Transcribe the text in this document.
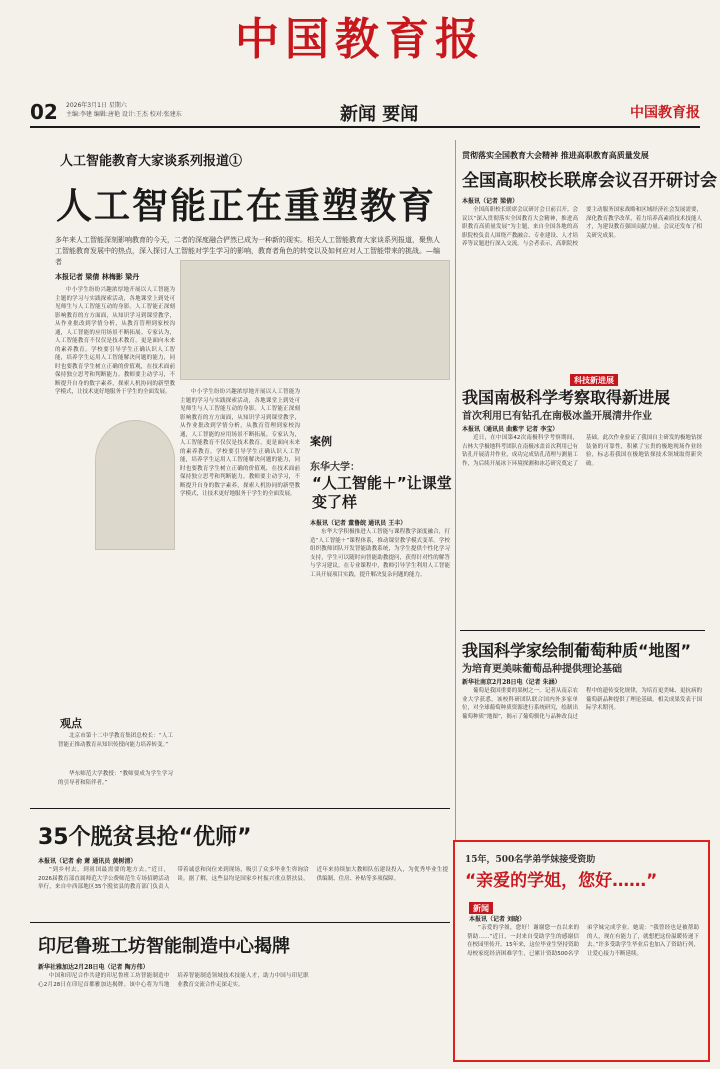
中国教育报
02 2026年3月1日 星期六
主编:李建 编辑:唐艳 设计:王杰 校对:张建东	新闻 要闻	中国教育报
人工智能教育大家谈系列报道①
人工智能正在重塑教育
多年来人工智能深刻影响教育的今天，二者的深度融合俨然已成为一种新的现实。相关人工智能教育大家谈系列报道，聚焦人工智能教育发展中的热点，深入探讨人工智能对学生学习的影响，教育者角色的转变以及如何应对人工智能带来的挑战。—编者
本报记者 梁倩 林梅影 梁丹

中小学生纷纷兴趣浓厚地开展以人工智能为主题的学习与实践探索活动，各地课堂上到处可见师生与人工智能互动的身影。人工智能正深刻影响教育的方方面面，从知识学习到课堂教学，从作业批改到学情分析，从教育管理到家校沟通，人工智能的应用场景不断拓展。专家认为，人工智能教育不仅仅是技术教育，更是面向未来的素养教育。学校要引导学生正确认识人工智能，培养学生运用人工智能解决问题的能力，同时也要教育学生树立正确的价值观，在技术面前保持独立思考和判断能力。教师要主动学习，不断提升自身的数字素养，探索人机协同的新型教学模式，让技术更好地服务于学生的全面发展。

案例
东华大学：
“人工智能＋”让课堂变了样
本报讯（记者 董鲁皖 通讯员 王丰）

东华大学积极推进人工智能与课程教学深度融合，打造“人工智能＋”课程体系，推动课堂教学模式变革。学校组织教师团队开发智能助教系统，为学生提供个性化学习支持，学生可以随时向智能助教提问，获得针对性的解答与学习建议。在专业课程中，教师引导学生利用人工智能工具开展项目实践，提升解决复杂问题的能力。

中小学生纷纷兴趣浓厚地开展以人工智能为主题的学习与实践探索活动，各地课堂上到处可见师生与人工智能互动的身影。人工智能正深刻影响教育的方方面面，从知识学习到课堂教学，从作业批改到学情分析，从教育管理到家校沟通，人工智能的应用场景不断拓展。专家认为，人工智能教育不仅仅是技术教育，更是面向未来的素养教育。学校要引导学生正确认识人工智能，培养学生运用人工智能解决问题的能力，同时也要教育学生树立正确的价值观，在技术面前保持独立思考和判断能力。教师要主动学习，不断提升自身的数字素养，探索人机协同的新型教学模式，让技术更好地服务于学生的全面发展。

观点

北京市第十二中学教育集团总校长：“人工智能正推动教育从知识传授向能力培养转变。”

华东师范大学教授：“教师要成为学生学习的引导者和陪伴者。”

35个脱贫县抢“优师”
本报讯（记者 俞 萧 通讯员 黄树清）

“到乡村去，到祖国最需要的地方去。”近日，2026届教育部直属师范大学公费师范生专场招聘活动举行，来自中西部地区35个脱贫县的教育部门负责人带着诚意和岗位来到现场，吸引了众多毕业生咨询洽谈。据了解，这些县均是国家乡村振兴重点帮扶县，近年来持续加大教师队伍建设投入，为优秀毕业生提供编制、住房、补贴等多项保障。

印尼鲁班工坊智能制造中心揭牌
新华社雅加达2月28日电（记者 陶方伟）

中国和印尼合作共建的印尼鲁班工坊智能制造中心2月28日在印尼首都雅加达揭牌。该中心将为当地培养智能制造领域技术技能人才，助力中国与印尼职业教育交流合作走深走实。

贯彻落实全国教育大会精神 推进高职教育高质量发展
全国高职校长联席会议召开研讨会
本报讯（记者 梁倩）

全国高职校长联席会议研讨会日前召开。会议以“深入贯彻落实全国教育大会精神，推进高职教育高质量发展”为主题，来自全国各地的高职院校负责人围绕产教融合、专业建设、人才培养等议题进行深入交流。与会者表示，高职院校要主动服务国家战略和区域经济社会发展需要，深化教育教学改革，着力培养高素质技术技能人才，为建设教育强国贡献力量。会议还发布了相关研究成果。

科技新进展
我国南极科学考察取得新进展
首次利用已有钻孔在南极冰盖开展清井作业
本报讯（通讯员 曲紫宇 记者 李宝）

近日，在中国第42次南极科学考察期间，吉林大学极地科考团队在南极冰盖首次利用已有钻孔开展清井作业，成功完成钻孔清理与测量工作，为后续开展冰下环境探测和冰芯研究奠定了基础。此次作业验证了我国自主研发的极地钻探装备的可靠性，积累了宝贵的极地现场作业经验，标志着我国在极地钻探技术领域取得新突破。

我国科学家绘制葡萄种质“地图”
为培育更美味葡萄品种提供理论基础
新华社南京2月28日电（记者 朱涵）

葡萄是我国重要的果树之一。记者从南京农业大学获悉，该校科研团队联合国内外多家单位，对全球葡萄种质资源进行系统研究，绘制出葡萄种质“地图”，揭示了葡萄驯化与品种改良过程中的遗传变化规律，为培育更美味、更抗病的葡萄新品种提供了理论基础。相关成果发表于国际学术期刊。

15年，500名学弟学妹接受资助
“亲爱的学姐，您好……”
新闻
本报讯（记者 刘晓）

“亲爱的学姐，您好！谢谢您一直以来的帮助……”近日，一封来自受助学生的感谢信在校园里传开。15年来，这位毕业生坚持资助母校家庭经济困难学生，已累计资助500名学弟学妹完成学业。她说：“我曾经也是被帮助的人，现在有能力了，就想把这份温暖传递下去。”许多受助学生毕业后也加入了资助行列，让爱心接力不断延续。
